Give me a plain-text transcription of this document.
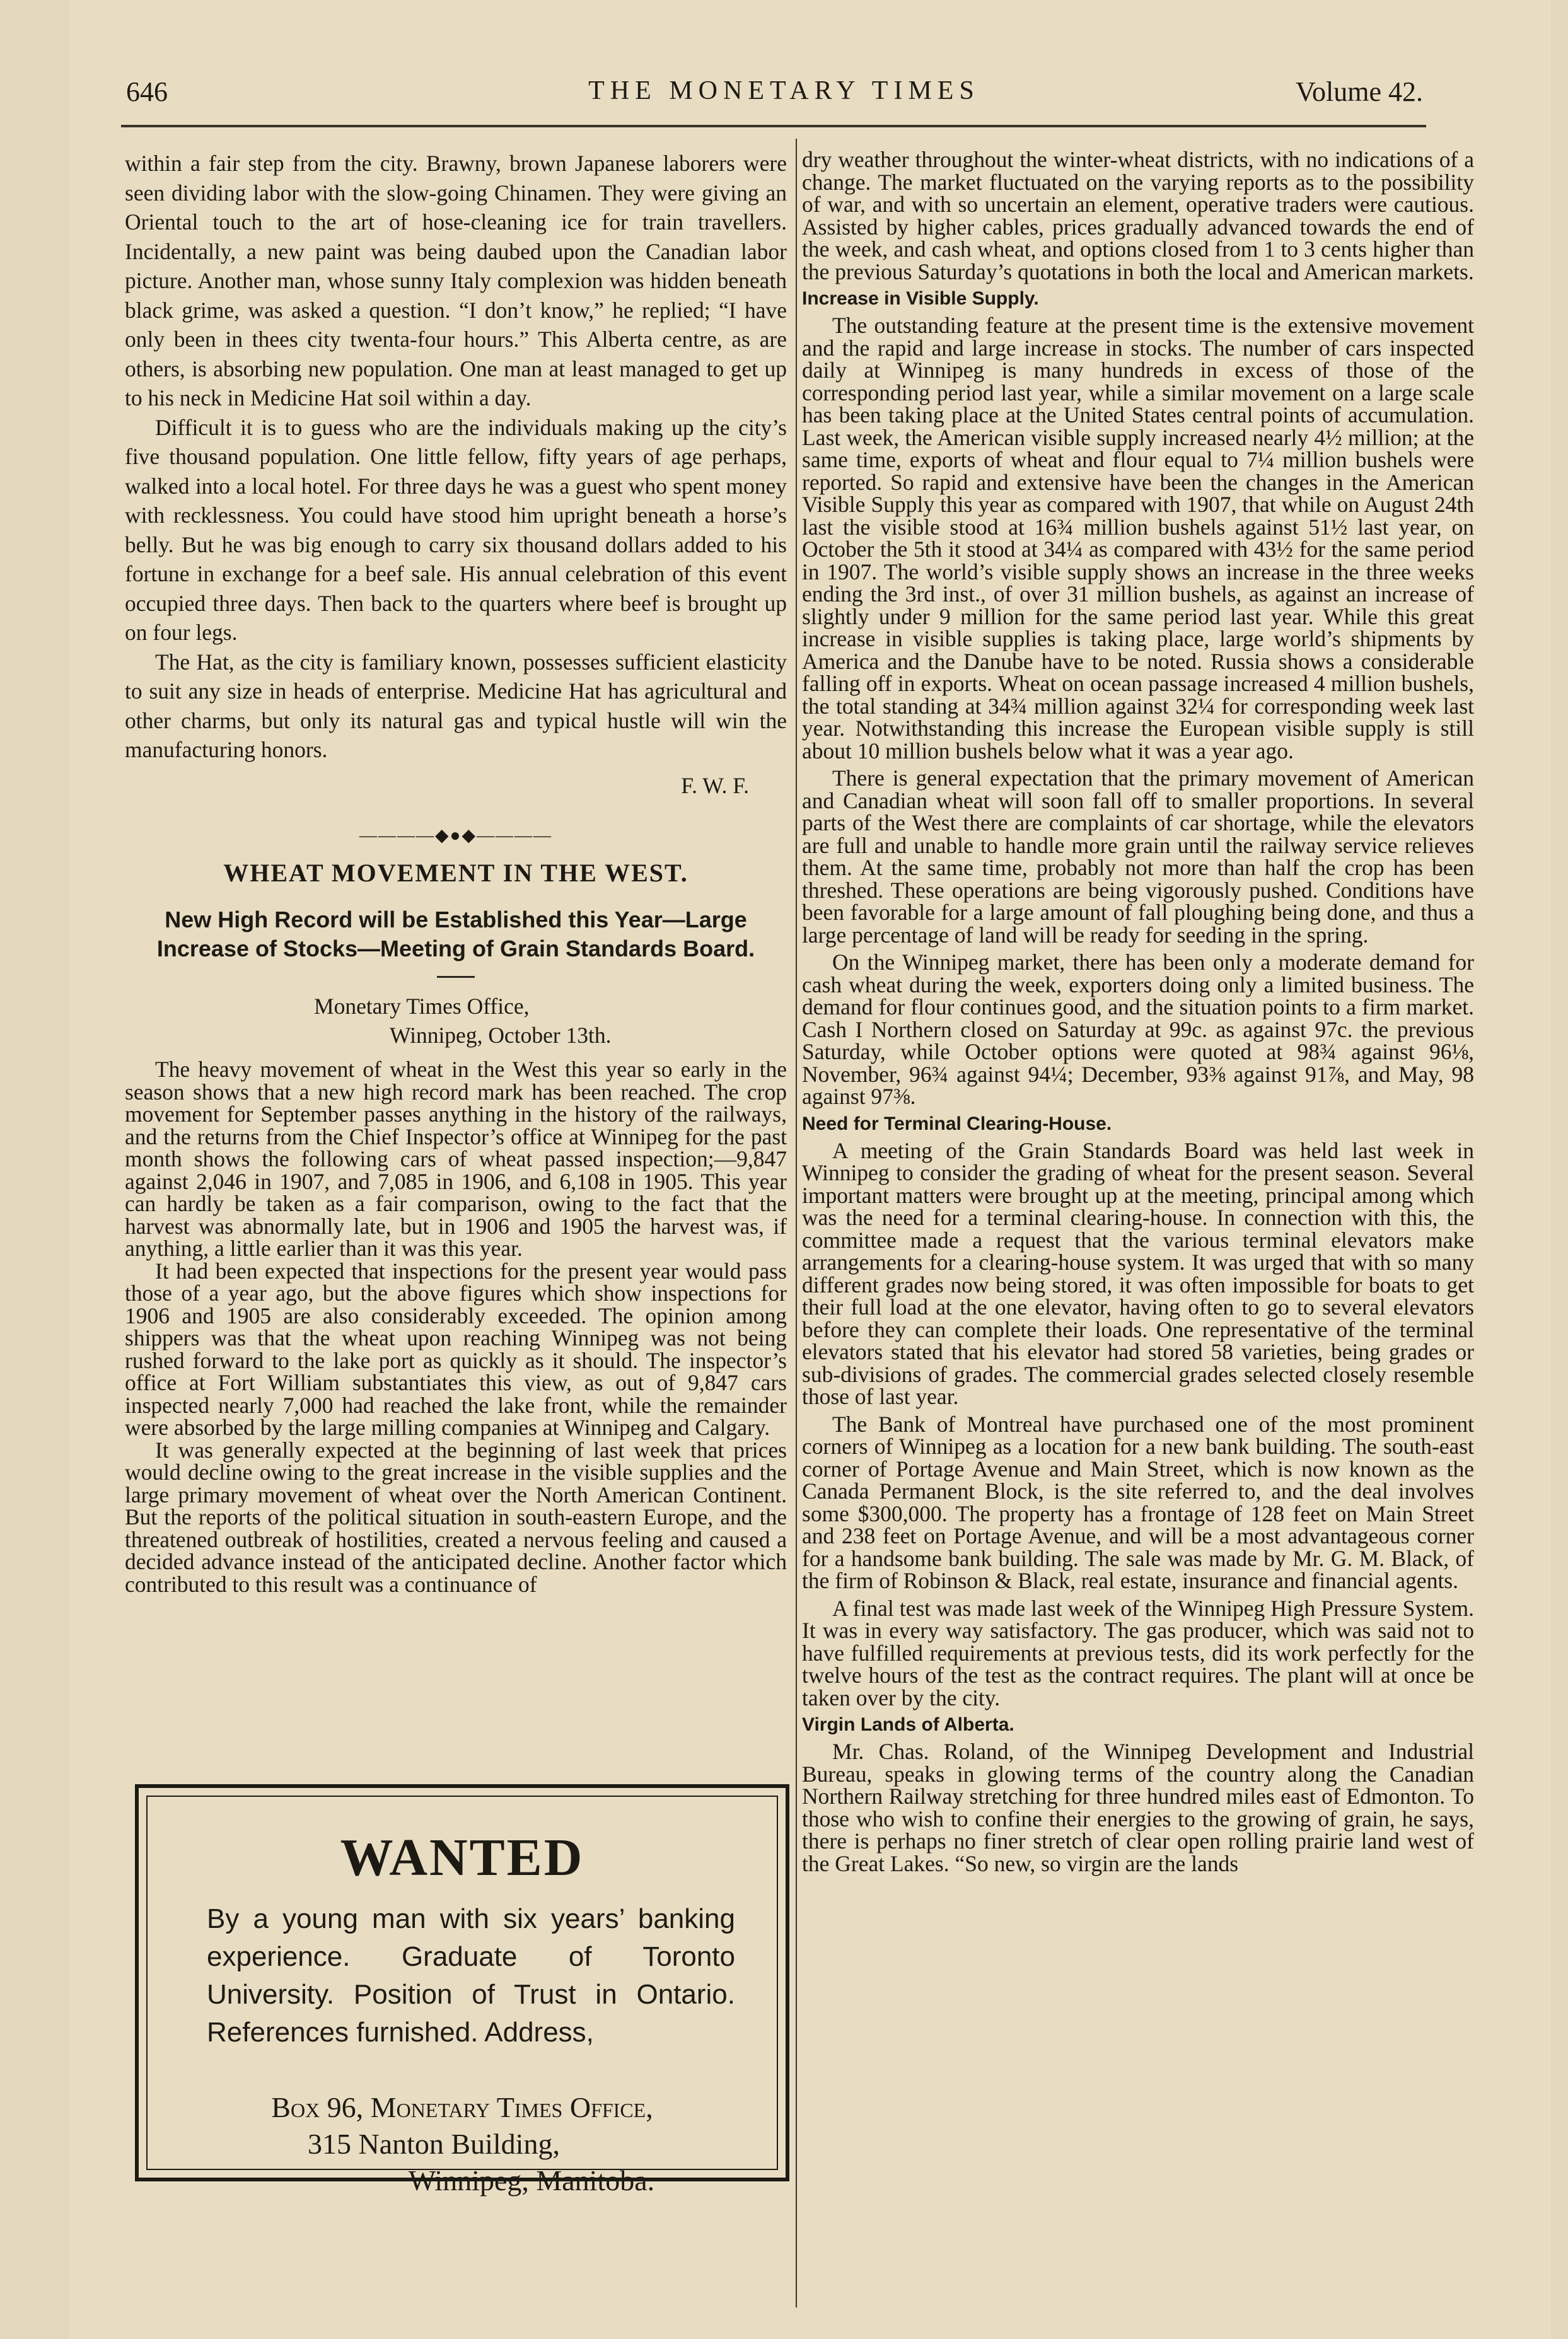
646	THE MONETARY TIMES	Volume 42.

within a fair step from the city. Brawny, brown Japanese laborers were seen dividing labor with the slow-going Chinamen. They were giving an Oriental touch to the art of hose-cleaning ice for train travellers. Incidentally, a new paint was being daubed upon the Canadian labor picture. Another man, whose sunny Italy complexion was hidden beneath black grime, was asked a question. “I don’t know,” he replied; “I have only been in thees city twenta-four hours.” This Alberta centre, as are others, is absorbing new population. One man at least managed to get up to his neck in Medicine Hat soil within a day.

Difficult it is to guess who are the individuals making up the city’s five thousand population. One little fellow, fifty years of age perhaps, walked into a local hotel. For three days he was a guest who spent money with recklessness. You could have stood him upright beneath a horse’s belly. But he was big enough to carry six thousand dollars added to his fortune in exchange for a beef sale. His annual celebration of this event occupied three days. Then back to the quarters where beef is brought up on four legs.

The Hat, as the city is familiary known, possesses sufficient elasticity to suit any size in heads of enterprise. Medicine Hat has agricultural and other charms, but only its natural gas and typical hustle will win the manufacturing honors.

F. W. F.
————◆●◆————
WHEAT MOVEMENT IN THE WEST.
New High Record will be Established this Year—Large Increase of Stocks—Meeting of Grain Standards Board.
Monetary Times Office,
Winnipeg, October 13th.

The heavy movement of wheat in the West this year so early in the season shows that a new high record mark has been reached. The crop movement for September passes anything in the history of the railways, and the returns from the Chief Inspector’s office at Winnipeg for the past month shows the following cars of wheat passed inspection;—9,847 against 2,046 in 1907, and 7,085 in 1906, and 6,108 in 1905. This year can hardly be taken as a fair comparison, owing to the fact that the harvest was abnormally late, but in 1906 and 1905 the harvest was, if anything, a little earlier than it was this year.

It had been expected that inspections for the present year would pass those of a year ago, but the above figures which show inspections for 1906 and 1905 are also considerably exceeded. The opinion among shippers was that the wheat upon reaching Winnipeg was not being rushed forward to the lake port as quickly as it should. The inspector’s office at Fort William substantiates this view, as out of 9,847 cars inspected nearly 7,000 had reached the lake front, while the remainder were absorbed by the large milling companies at Winnipeg and Calgary.

It was generally expected at the beginning of last week that prices would decline owing to the great increase in the visible supplies and the large primary movement of wheat over the North American Continent. But the reports of the political situation in south-eastern Europe, and the threatened outbreak of hostilities, created a nervous feeling and caused a decided advance instead of the anticipated decline. Another factor which contributed to this result was a continuance of

WANTED
By a young man with six years’ banking experience. Graduate of Toronto University. Position of Trust in Ontario. References furnished. Address,
Box 96, Monetary Times Office,
315 Nanton Building,
Winnipeg, Manitoba.

dry weather throughout the winter-wheat districts, with no indications of a change. The market fluctuated on the varying reports as to the possibility of war, and with so uncertain an element, operative traders were cautious. Assisted by higher cables, prices gradually advanced towards the end of the week, and cash wheat, and options closed from 1 to 3 cents higher than the previous Saturday’s quotations in both the local and American markets.

Increase in Visible Supply.

The outstanding feature at the present time is the extensive movement and the rapid and large increase in stocks. The number of cars inspected daily at Winnipeg is many hundreds in excess of those of the corresponding period last year, while a similar movement on a large scale has been taking place at the United States central points of accumulation. Last week, the American visible supply increased nearly 4½ million; at the same time, exports of wheat and flour equal to 7¼ million bushels were reported. So rapid and extensive have been the changes in the American Visible Supply this year as compared with 1907, that while on August 24th last the visible stood at 16¾ million bushels against 51½ last year, on October the 5th it stood at 34¼ as compared with 43½ for the same period in 1907. The world’s visible supply shows an increase in the three weeks ending the 3rd inst., of over 31 million bushels, as against an increase of slightly under 9 million for the same period last year. While this great increase in visible supplies is taking place, large world’s shipments by America and the Danube have to be noted. Russia shows a considerable falling off in exports. Wheat on ocean passage increased 4 million bushels, the total standing at 34¾ million against 32¼ for corresponding week last year. Notwithstanding this increase the European visible supply is still about 10 million bushels below what it was a year ago.

There is general expectation that the primary movement of American and Canadian wheat will soon fall off to smaller proportions. In several parts of the West there are complaints of car shortage, while the elevators are full and unable to handle more grain until the railway service relieves them. At the same time, probably not more than half the crop has been threshed. These operations are being vigorously pushed. Conditions have been favorable for a large amount of fall ploughing being done, and thus a large percentage of land will be ready for seeding in the spring.

On the Winnipeg market, there has been only a moderate demand for cash wheat during the week, exporters doing only a limited business. The demand for flour continues good, and the situation points to a firm market. Cash I Northern closed on Saturday at 99c. as against 97c. the previous Saturday, while October options were quoted at 98¾ against 96⅛, November, 96¾ against 94¼; December, 93⅜ against 91⅞, and May, 98 against 97⅜.

Need for Terminal Clearing-House.

A meeting of the Grain Standards Board was held last week in Winnipeg to consider the grading of wheat for the present season. Several important matters were brought up at the meeting, principal among which was the need for a terminal clearing-house. In connection with this, the committee made a request that the various terminal elevators make arrangements for a clearing-house system. It was urged that with so many different grades now being stored, it was often impossible for boats to get their full load at the one elevator, having often to go to several elevators before they can complete their loads. One representative of the terminal elevators stated that his elevator had stored 58 varieties, being grades or sub-divisions of grades. The commercial grades selected closely resemble those of last year.

The Bank of Montreal have purchased one of the most prominent corners of Winnipeg as a location for a new bank building. The south-east corner of Portage Avenue and Main Street, which is now known as the Canada Permanent Block, is the site referred to, and the deal involves some $300,000. The property has a frontage of 128 feet on Main Street and 238 feet on Portage Avenue, and will be a most advantageous corner for a handsome bank building. The sale was made by Mr. G. M. Black, of the firm of Robinson & Black, real estate, insurance and financial agents.

A final test was made last week of the Winnipeg High Pressure System. It was in every way satisfactory. The gas producer, which was said not to have fulfilled requirements at previous tests, did its work perfectly for the twelve hours of the test as the contract requires. The plant will at once be taken over by the city.

Virgin Lands of Alberta.

Mr. Chas. Roland, of the Winnipeg Development and Industrial Bureau, speaks in glowing terms of the country along the Canadian Northern Railway stretching for three hundred miles east of Edmonton. To those who wish to confine their energies to the growing of grain, he says, there is perhaps no finer stretch of clear open rolling prairie land west of the Great Lakes. “So new, so virgin are the lands
